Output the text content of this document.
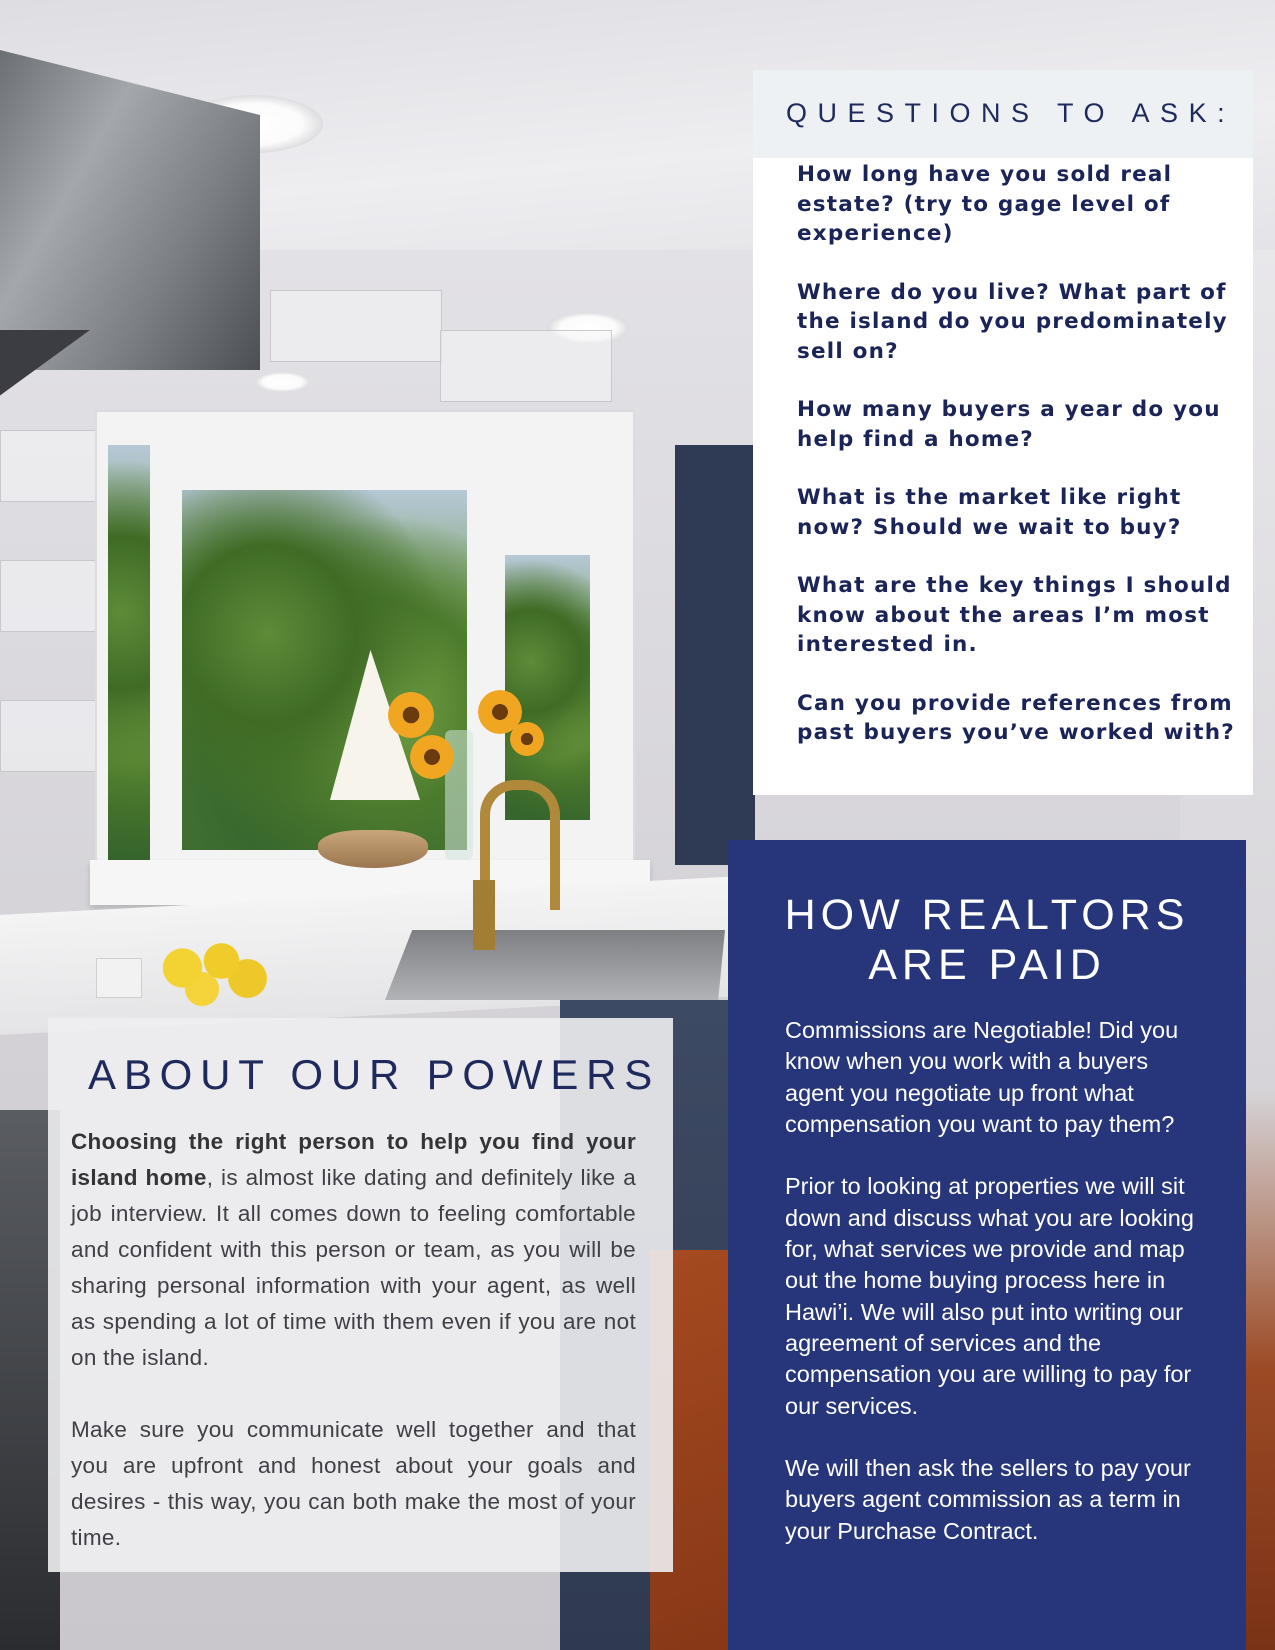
QUESTIONS TO ASK:
How long have you sold real estate? (try to gage level of experience)
Where do you live? What part of the island do you predominately sell on?
How many buyers a year do you help find a home?
What is the market like right now? Should we wait to buy?
What are the key things I should know about the areas I’m most interested in.
Can you provide references from past buyers you’ve worked with?
ABOUT OUR POWERS

Choosing the right person to help you find your island home, is almost like dating and definitely like a job interview. It all comes down to feeling comfortable and confident with this person or team, as you will be sharing personal information with your agent, as well as spending a lot of time with them even if you are not on the island.

Make sure you communicate well together and that you are upfront and honest about your goals and desires - this way, you can both make the most of your time.

HOW REALTORS
ARE PAID

Commissions are Negotiable! Did you know when you work with a buyers agent you negotiate up front what compensation you want to pay them?

Prior to looking at properties we will sit down and discuss what you are looking for, what services we provide and map out the home buying process here in Hawi’i. We will also put into writing our agreement of services and the compensation you are willing to pay for our services.

We will then ask the sellers to pay your buyers agent commission as a term in your Purchase Contract.
